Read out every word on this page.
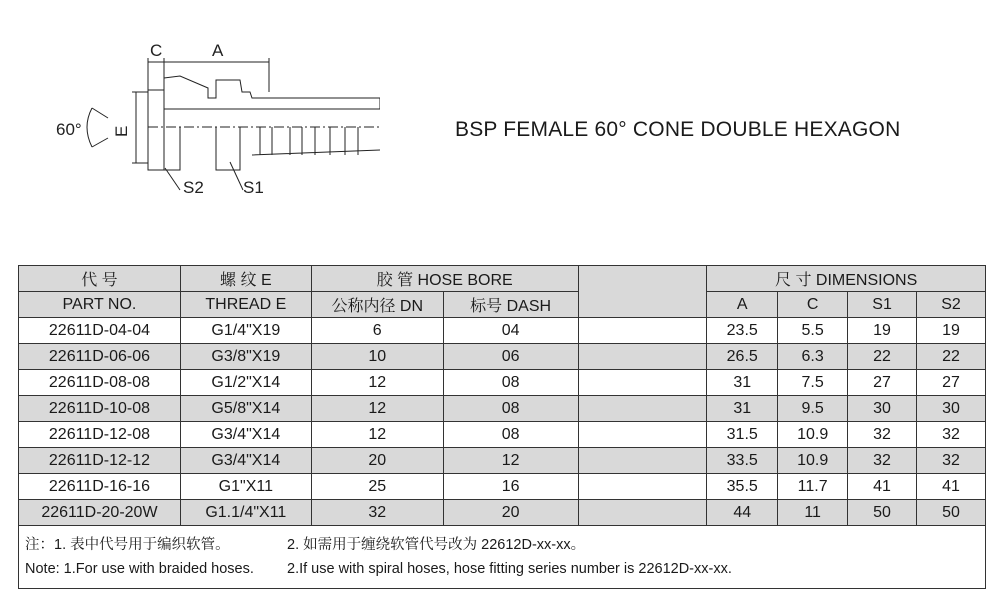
C	A
E
60°
S2 S1
BSP FEMALE 60° CONE DOUBLE HEXAGON
代 号	螺 纹 E	胶 管 HOSE BORE			尺 寸 DIMENSIONS			
PART NO.	THREAD E	公称内径 DN	标号 DASH		A	C	S1	S2
22611D-04-04	G1/4"X19	6	04		23.5	5.5	19	19
22611D-06-06	G3/8"X19	10	06		26.5	6.3	22	22
22611D-08-08	G1/2"X14	12	08		31	7.5	27	27
22611D-10-08	G5/8"X14	12	08		31	9.5	30	30
22611D-12-08	G3/4"X14	12	08		31.5	10.9	32	32
22611D-12-12	G3/4"X14	20	12		33.5	10.9	32	32
22611D-16-16	G1"X11	25	16		35.5	11.7	41	41
22611D-20-20W	G1.1/4"X11	32	20		44	11	50	50
注：1. 表中代号用于编织软管。 2. 如需用于缠绕软管代号改为 22612D-xx-xx。
Note: 1.For use with braided hoses. 2.If use with spiral hoses, hose fitting series number is 22612D-xx-xx.								
